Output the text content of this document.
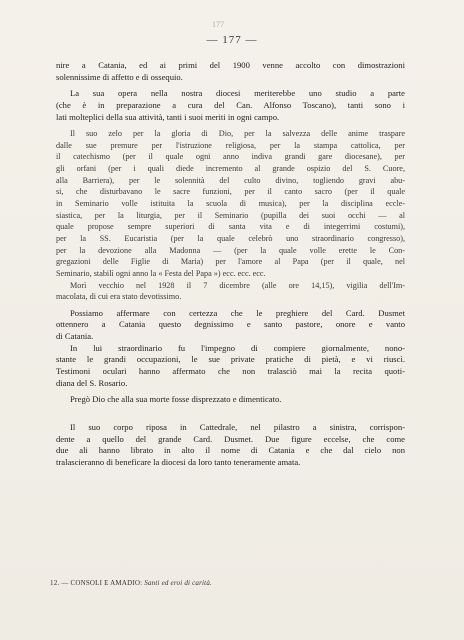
177
— 177 —
nire a Catania, ed ai primi del 1900 venne accolto con dimostrazioni
solennissime di affetto e di ossequio.
La sua opera nella nostra diocesi meriterebbe uno studio a parte
(che è in preparazione a cura del Can. Alfonso Toscano), tanti sono i
lati molteplici della sua attività, tanti i suoi meriti in ogni campo.
Il suo zelo per la gloria di Dio, per la salvezza delle anime traspare
dalle sue premure per l'istruzione religiosa, per la stampa cattolica, per
il catechismo (per il quale ogni anno indiva grandi gare diocesane), per
gli orfani (per i quali diede incremento al grande ospizio del S. Cuore,
alla Barriera), per le solennità del culto divino, togliendo gravi abu-
si, che disturbavano le sacre funzioni, per il canto sacro (per il quale
in Seminario volle istituita la scuola di musica), per la disciplina eccle-
siastica, per la liturgia, per il Seminario (pupilla dei suoi occhi — al
quale propose sempre superiori di santa vita e di integerrimi costumi),
per la SS. Eucaristia (per la quale celebrò uno straordinario congresso),
per la devozione alla Madonna — (per la quale volle erette le Con-
gregazioni delle Figlie di Maria) per l'amore al Papa (per il quale, nel
Seminario, stabilì ogni anno la « Festa del Papa ») ecc. ecc. ecc.
Morì vecchio nel 1928 il 7 dicembre (alle ore 14,15), vigilia dell'Im-
macolata, di cui era stato devotissimo.
Possiamo affermare con certezza che le preghiere del Card. Dusmet
ottennero a Catania questo degnissimo e santo pastore, onore e vanto
di Catania.
In lui straordinario fu l'impegno di compiere giornalmente, nono-
stante le grandi occupazioni, le sue private pratiche di pietà, e vi riuscì.
Testimoni oculari hanno affermato che non tralasciò mai la recita quoti-
diana del S. Rosario.
Pregò Dio che alla sua morte fosse disprezzato e dimenticato.
Il suo corpo riposa in Cattedrale, nel pilastro a sinistra, corrispon-
dente a quello del grande Card. Dusmet. Due figure eccelse, che come
due ali hanno librato in alto il nome di Catania e che dal cielo non
tralascieranno di beneficare la diocesi da loro tanto teneramente amata.
12. — CONSOLI E AMADIO: Santi ed eroi di carità.
